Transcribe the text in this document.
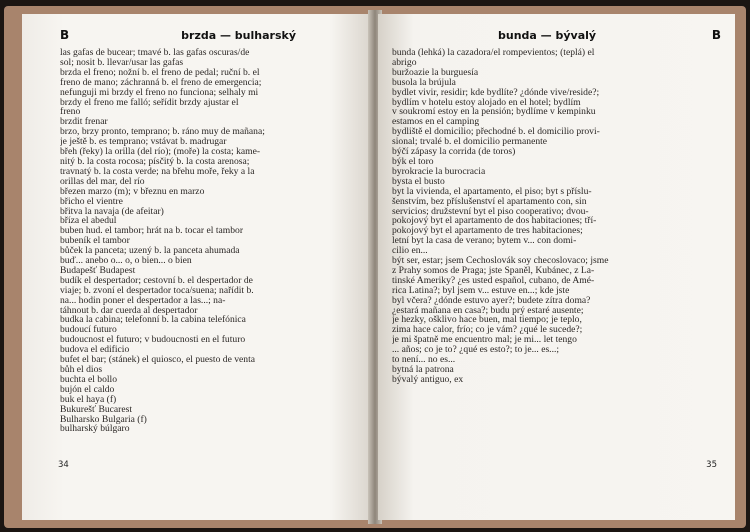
B	brzda — bulharský
las gafas de bucear; tmavé b. las gafas oscuras/de
sol; nosit b. llevar/usar las gafas
brzda el freno; nožní b. el freno de pedal; ruční b. el
freno de mano; záchranná b. el freno de emergencia;
nefunguji mi brzdy el freno no funciona; selhaly mi
brzdy el freno me falló; seřídit brzdy ajustar el
freno
brzdit frenar
brzo, brzy pronto, temprano; b. ráno muy de mañana;
je ještě b. es temprano; vstávat b. madrugar
břeh (řeky) la orilla (del río); (moře) la costa; kame-
nitý b. la costa rocosa; písčitý b. la costa arenosa;
travnatý b. la costa verde; na břehu moře, řeky a la
orillas del mar, del río
březen marzo (m); v březnu en marzo
břicho el vientre
břitva la navaja (de afeitar)
bříza el abedul
buben hud. el tambor; hrát na b. tocar el tambor
bubeník el tambor
bůček la panceta; uzený b. la panceta ahumada
buď... anebo o... o, o bien... o bien
Budapešť Budapest
budík el despertador; cestovní b. el despertador de
viaje; b. zvoní el despertador toca/suena; nařídit b.
na... hodin poner el despertador a las...; na-
táhnout b. dar cuerda al despertador
budka la cabina; telefonní b. la cabina telefónica
budoucí futuro
budoucnost el futuro; v budoucnosti en el futuro
budova el edificio
bufet el bar; (stánek) el quiosco, el puesto de venta
bůh el dios
buchta el bollo
bujón el caldo
buk el haya (f)
Bukurešť Bucarest
Bulharsko Bulgaria (f)
bulharský búlgaro
34
bunda — bývalý	B
bunda (lehká) la cazadora/el rompevientos; (teplá) el
abrigo
buržoazie la burguesía
busola la brújula
bydlet vivir, residir; kde bydlíte? ¿dónde vive/reside?;
bydlím v hotelu estoy alojado en el hotel; bydlím
v soukromí estoy en la pensión; bydlíme v kempinku
estamos en el camping
bydliště el domicilio; přechodné b. el domicilio provi-
sional; trvalé b. el domicilio permanente
býčí zápasy la corrida (de toros)
býk el toro
byrokracie la burocracia
bysta el busto
byt la vivienda, el apartamento, el piso; byt s příslu-
šenstvím, bez příslušenství el apartamento con, sin
servicios; družstevní byt el piso cooperativo; dvou-
pokojový byt el apartamento de dos habitaciones; tří-
pokojový byt el apartamento de tres habitaciones;
letní byt la casa de verano; bytem v... con domi-
cilio en...
být ser, estar; jsem Čechoslovák soy checoslovaco; jsme
z Prahy somos de Praga; jste Španěl, Kubánec, z La-
tinské Ameriky? ¿es usted español, cubano, de Amé-
rica Latina?; byl jsem v... estuve en...; kde jste
byl včera? ¿dónde estuvo ayer?; budete zítra doma?
¿estará mañana en casa?; budu prý estaré ausente;
je hezky, ošklivo hace buen, mal tiempo; je teplo,
zima hace calor, frío; co je vám? ¿qué le sucede?;
je mi špatně me encuentro mal; je mi... let tengo
... años; co je to? ¿qué es esto?; to je... es...;
to není... no es...
bytná la patrona
bývalý antiguo, ex
35
